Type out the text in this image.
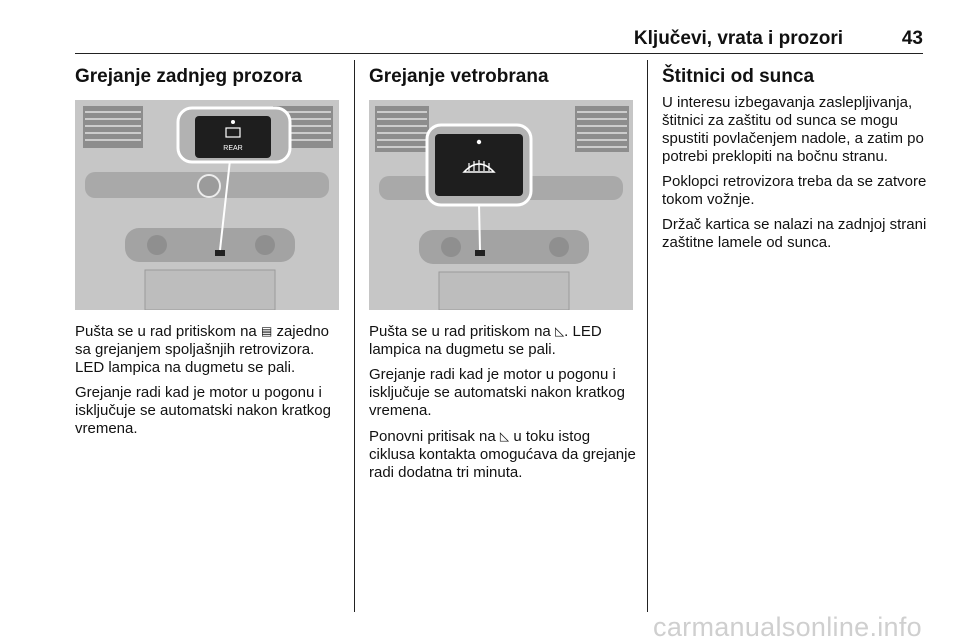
Ključevi, vrata i prozori	43
Grejanje zadnjeg prozora
REAR

Pušta se u rad pritiskom na ▤ zajedno sa grejanjem spoljašnjih retrovizora. LED lampica na dugmetu se pali.

Grejanje radi kad je motor u pogonu i isključuje se automatski nakon kratkog vremena.

Grejanje vetrobrana

Pušta se u rad pritiskom na ◺. LED lampica na dugmetu se pali.

Grejanje radi kad je motor u pogonu i isključuje se automatski nakon kratkog vremena.

Ponovni pritisak na ◺ u toku istog ciklusa kontakta omogućava da grejanje radi dodatna tri minuta.

Štitnici od sunca

U interesu izbegavanja zaslepljivanja, štitnici za zaštitu od sunca se mogu spustiti povlačenjem nadole, a zatim po potrebi preklopiti na bočnu stranu.

Poklopci retrovizora treba da se zatvore tokom vožnje.

Držač kartica se nalazi na zadnjoj strani zaštitne lamele od sunca.

carmanualsonline.info
